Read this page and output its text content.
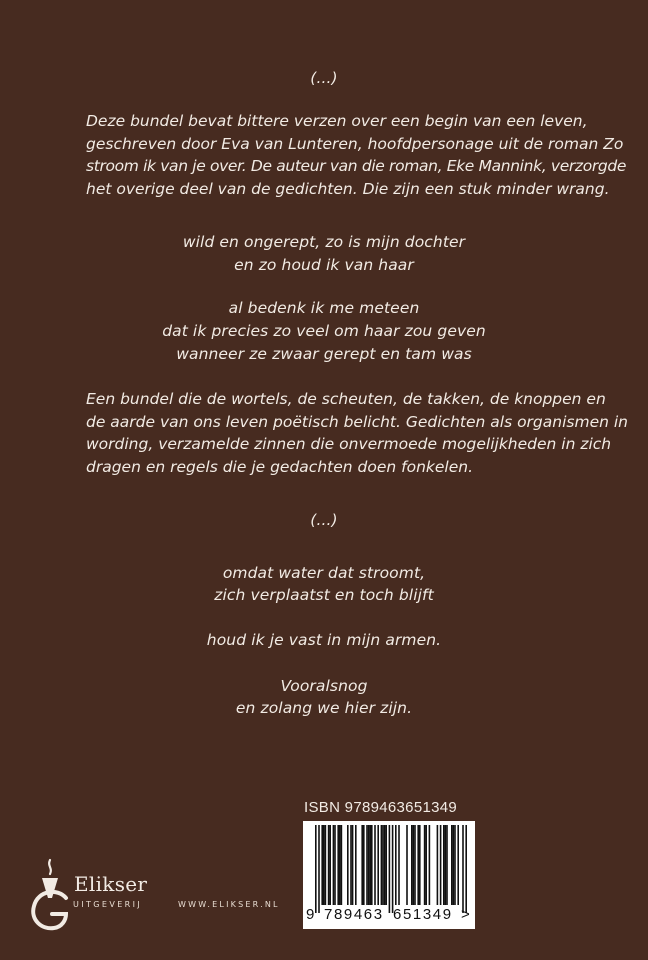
(...)
Deze bundel bevat bittere verzen over een begin van een leven,
geschreven door Eva van Lunteren, hoofdpersonage uit de roman Zo
stroom ik van je over. De auteur van die roman, Eke Mannink, verzorgde
het overige deel van de gedichten. Die zijn een stuk minder wrang.
wild en ongerept, zo is mijn dochter
en zo houd ik van haar
al bedenk ik me meteen
dat ik precies zo veel om haar zou geven
wanneer ze zwaar gerept en tam was
Een bundel die de wortels, de scheuten, de takken, de knoppen en
de aarde van ons leven poëtisch belicht. Gedichten als organismen in
wording, verzamelde zinnen die onvermoede mogelijkheden in zich
dragen en regels die je gedachten doen fonkelen.
(...)
omdat water dat stroomt,
zich verplaatst en toch blijft
houd ik je vast in mijn armen.
Vooralsnog
en zolang we hier zijn.
ISBN 9789463651349
9 789463 651349 >
Elikser
UITGEVERIJ	WWW.ELIKSER.NL
